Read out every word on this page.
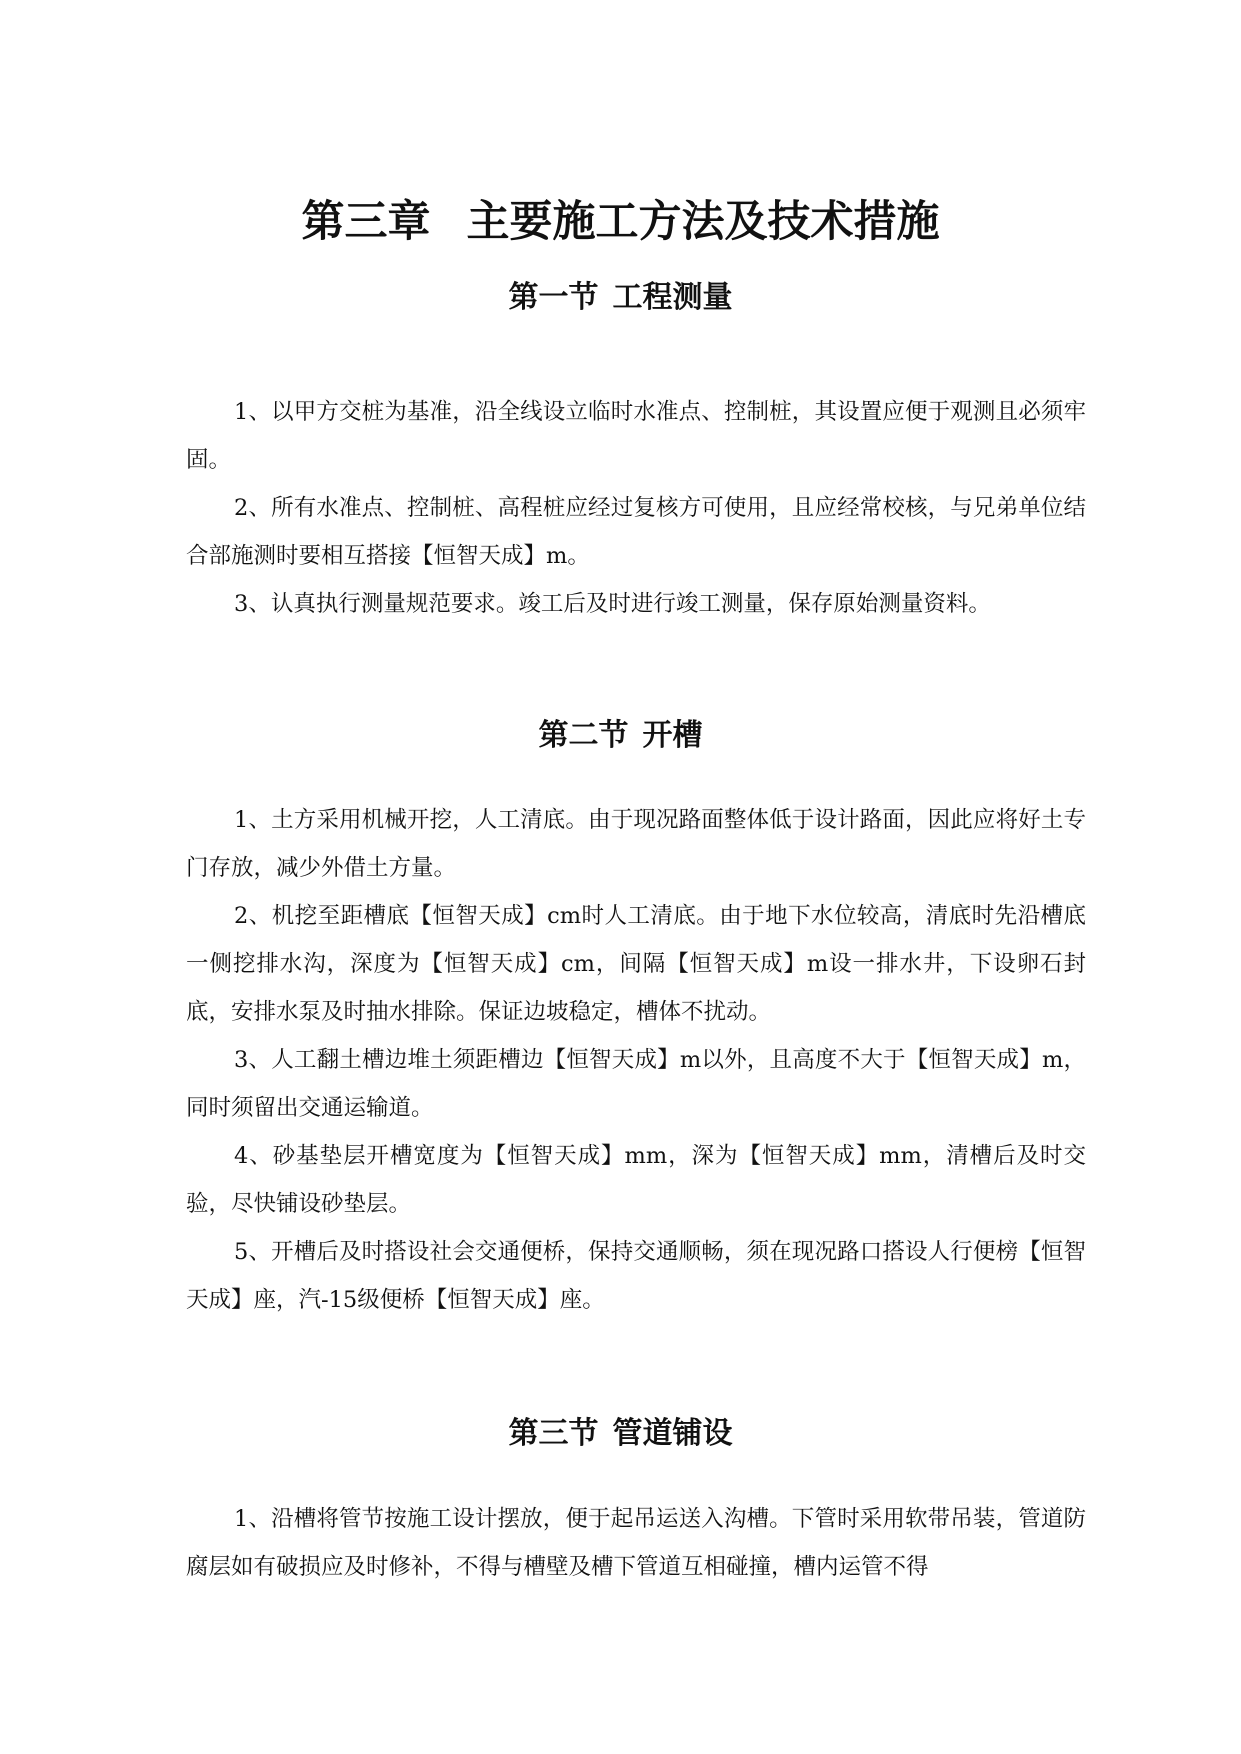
第三章 主要施工方法及技术措施
第一节 工程测量

1、以甲方交桩为基准，沿全线设立临时水准点、控制桩，其设置应便于观测且必须牢固。

2、所有水准点、控制桩、高程桩应经过复核方可使用，且应经常校核，与兄弟单位结合部施测时要相互搭接【恒智天成】m。

3、认真执行测量规范要求。竣工后及时进行竣工测量，保存原始测量资料。

第二节 开槽

1、土方采用机械开挖，人工清底。由于现况路面整体低于设计路面，因此应将好土专门存放，减少外借土方量。

2、机挖至距槽底【恒智天成】cm时人工清底。由于地下水位较高，清底时先沿槽底一侧挖排水沟，深度为【恒智天成】cm，间隔【恒智天成】m设一排水井，下设卵石封底，安排水泵及时抽水排除。保证边坡稳定，槽体不扰动。

3、人工翻土槽边堆土须距槽边【恒智天成】m以外，且高度不大于【恒智天成】m，同时须留出交通运输道。

4、砂基垫层开槽宽度为【恒智天成】mm，深为【恒智天成】mm，清槽后及时交验，尽快铺设砂垫层。

5、开槽后及时搭设社会交通便桥，保持交通顺畅，须在现况路口搭设人行便榜【恒智天成】座，汽-15级便桥【恒智天成】座。

第三节 管道铺设

1、沿槽将管节按施工设计摆放，便于起吊运送入沟槽。下管时采用软带吊装，管道防腐层如有破损应及时修补，不得与槽壁及槽下管道互相碰撞，槽内运管不得
